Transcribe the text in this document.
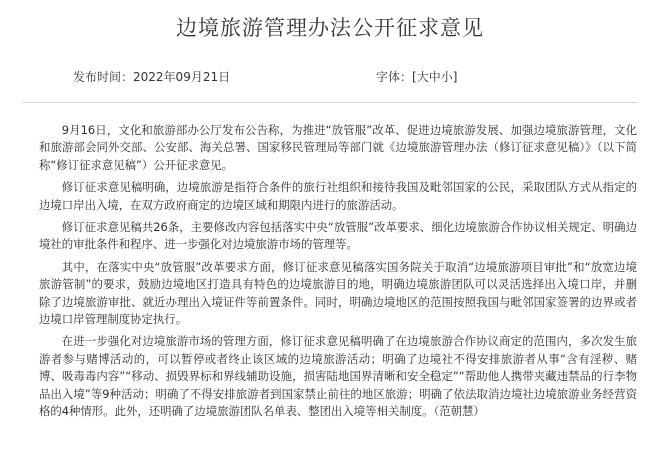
边境旅游管理办法公开征求意见
发布时间：2022年09月21日	字体：[大中小]

9月16日，文化和旅游部办公厅发布公告称，为推进“放管服”改革、促进边境旅游发展、加强边境旅游管理，文化和旅游部会同外交部、公安部、海关总署、国家移民管理局等部门就《边境旅游管理办法（修订征求意见稿）》（以下简称“修订征求意见稿”）公开征求意见。

修订征求意见稿明确，边境旅游是指符合条件的旅行社组织和接待我国及毗邻国家的公民，采取团队方式从指定的边境口岸出入境，在双方政府商定的边境区域和期限内进行的旅游活动。

修订征求意见稿共26条，主要修改内容包括落实中央“放管服”改革要求、细化边境旅游合作协议相关规定、明确边境社的审批条件和程序、进一步强化对边境旅游市场的管理等。

其中，在落实中央“放管服”改革要求方面，修订征求意见稿落实国务院关于取消“边境旅游项目审批”和“放宽边境旅游管制”的要求，鼓励边境地区打造具有特色的边境旅游目的地，明确边境旅游团队可以灵活选择出入境口岸，并删除了边境旅游审批、就近办理出入境证件等前置条件。同时，明确边境地区的范围按照我国与毗邻国家签署的边界或者边境口岸管理制度协定执行。

在进一步强化对边境旅游市场的管理方面，修订征求意见稿明确了在边境旅游合作协议商定的范围内，多次发生旅游者参与赌博活动的，可以暂停或者终止该区域的边境旅游活动；明确了边境社不得安排旅游者从事“含有淫秽、赌博、吸毒毒内容”“移动、损毁界标和界线辅助设施，损害陆地国界清晰和安全稳定”“帮助他人携带夹藏违禁品的行李物品出入境”等9种活动；明确了不得安排旅游者到国家禁止前往的地区旅游；明确了依法取消边境社边境旅游业务经营资格的4种情形。此外，还明确了边境旅游团队名单表、整团出入境等相关制度。（范朝慧）
